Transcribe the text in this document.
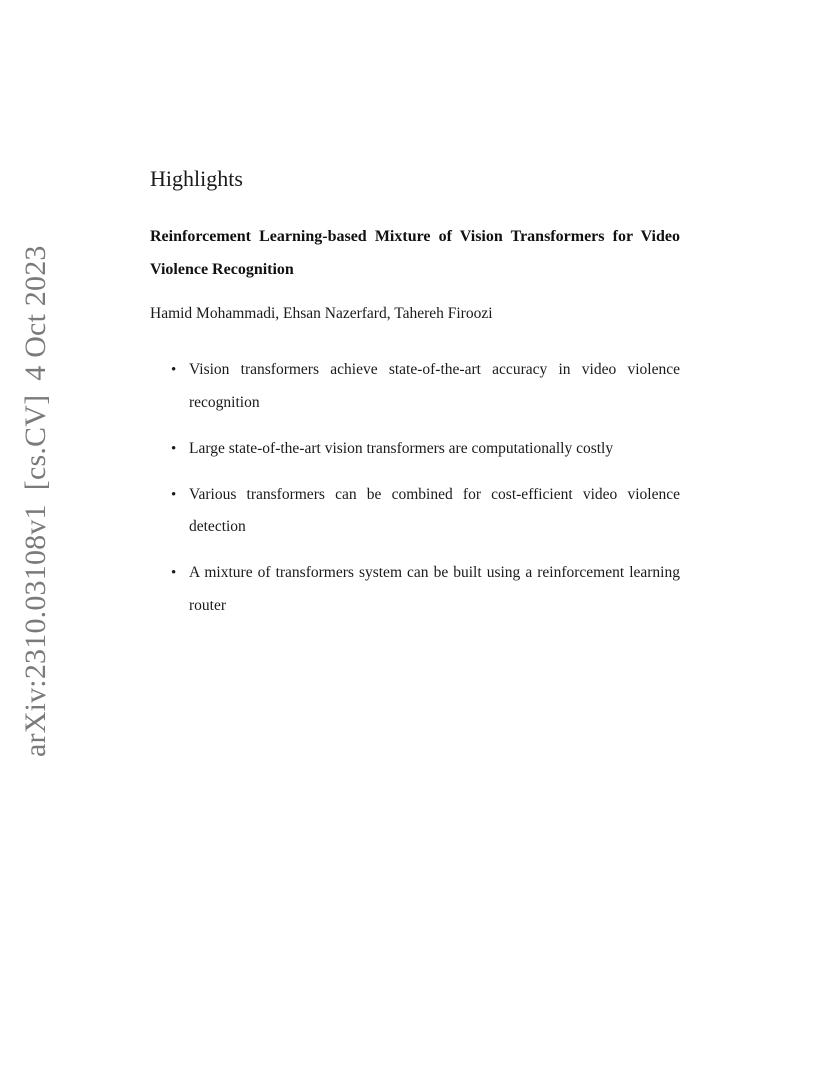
arXiv:2310.03108v1[cs.CV]4 Oct 2023
Highlights
Reinforcement Learning-based Mixture of Vision Transformers for Video Violence Recognition

Hamid Mohammadi, Ehsan Nazerfard, Tahereh Firoozi

• Vision transformers achieve state-of-the-art accuracy in video violence recognition
• Large state-of-the-art vision transformers are computationally costly
• Various transformers can be combined for cost-efficient video violence detection
• A mixture of transformers system can be built using a reinforcement learning router
